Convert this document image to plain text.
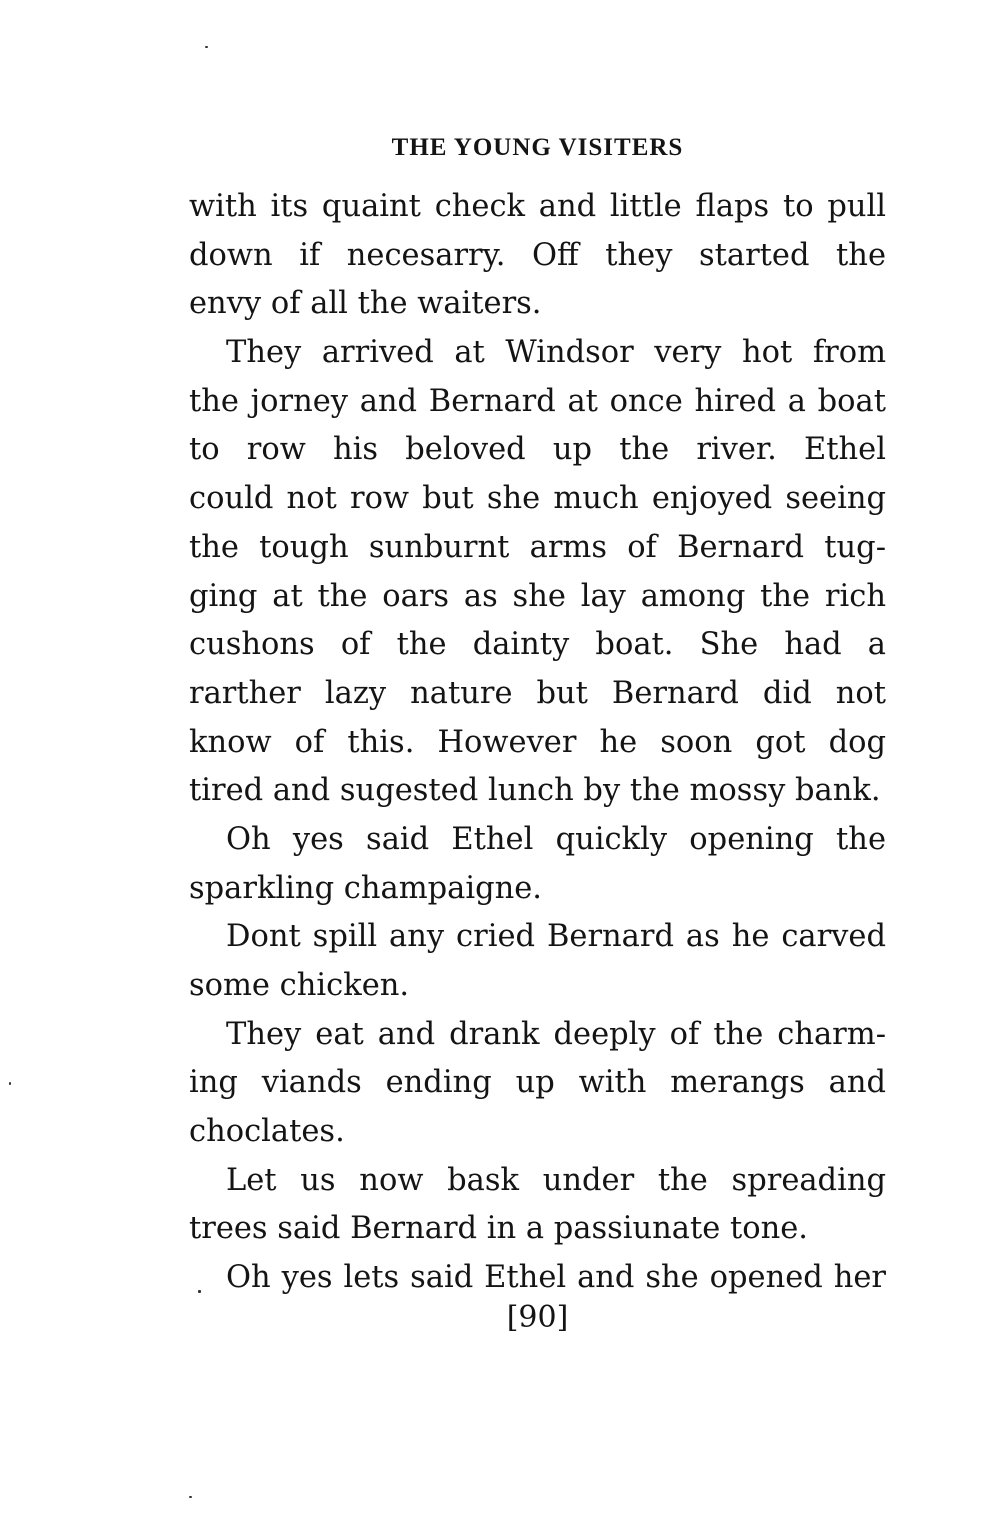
THE YOUNG VISITERS
with its quaint check and little flaps to pull
down if necesarry. Off they started the
envy of all the waiters.
They arrived at Windsor very hot from
the jorney and Bernard at once hired a boat
to row his beloved up the river. Ethel
could not row but she much enjoyed seeing
the tough sunburnt arms of Bernard tug-
ging at the oars as she lay among the rich
cushons of the dainty boat. She had a
rarther lazy nature but Bernard did not
know of this. However he soon got dog
tired and sugested lunch by the mossy bank.
Oh yes said Ethel quickly opening the
sparkling champaigne.
Dont spill any cried Bernard as he carved
some chicken.
They eat and drank deeply of the charm-
ing viands ending up with merangs and
choclates.
Let us now bask under the spreading
trees said Bernard in a passiunate tone.
Oh yes lets said Ethel and she opened her
[90]
